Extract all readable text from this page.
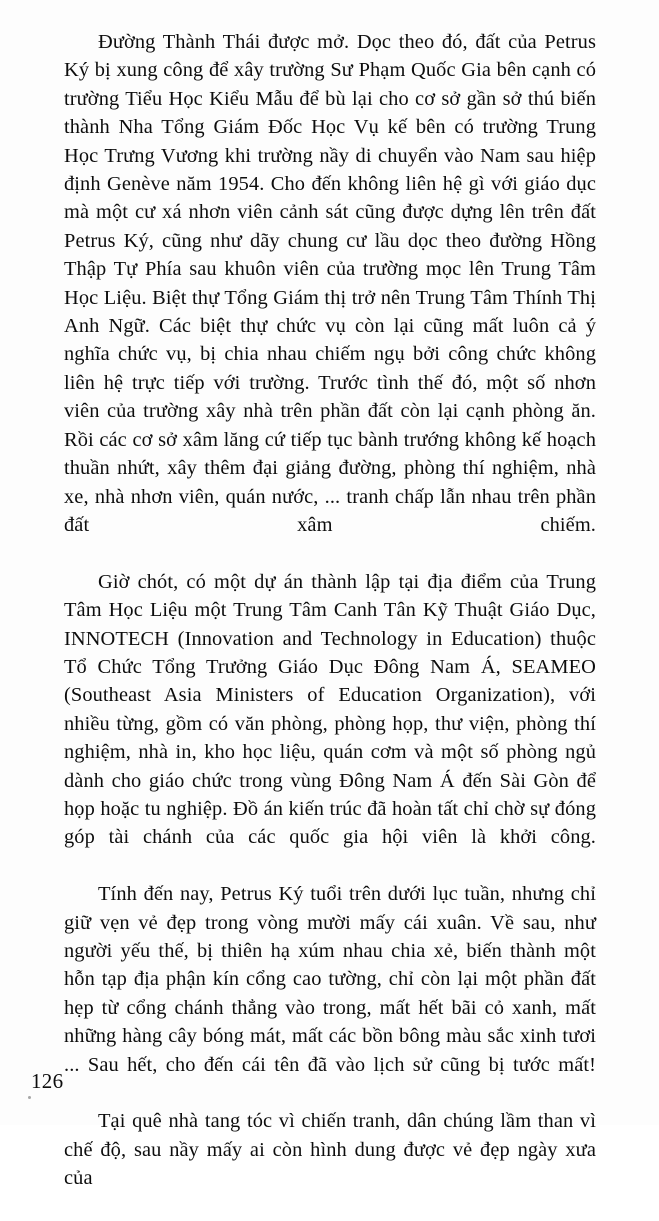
Đường Thành Thái được mở. Dọc theo đó, đất của Petrus Ký bị xung công để xây trường Sư Phạm Quốc Gia bên cạnh có trường Tiểu Học Kiểu Mẫu để bù lại cho cơ sở gần sở thú biến thành Nha Tổng Giám Đốc Học Vụ kế bên có trường Trung Học Trưng Vương khi trường nầy di chuyển vào Nam sau hiệp định Genève năm 1954. Cho đến không liên hệ gì với giáo dục mà một cư xá nhơn viên cảnh sát cũng được dựng lên trên đất Petrus Ký, cũng như dãy chung cư lầu dọc theo đường Hồng Thập Tự Phía sau khuôn viên của trường mọc lên Trung Tâm Học Liệu. Biệt thự Tổng Giám thị trở nên Trung Tâm Thính Thị Anh Ngữ. Các biệt thự chức vụ còn lại cũng mất luôn cả ý nghĩa chức vụ, bị chia nhau chiếm ngụ bởi công chức không liên hệ trực tiếp với trường. Trước tình thế đó, một số nhơn viên của trường xây nhà trên phần đất còn lại cạnh phòng ăn. Rồi các cơ sở xâm lăng cứ tiếp tục bành trướng không kế hoạch thuần nhứt, xây thêm đại giảng đường, phòng thí nghiệm, nhà xe, nhà nhơn viên, quán nước, ... tranh chấp lẫn nhau trên phần đất xâm chiếm.

Giờ chót, có một dự án thành lập tại địa điểm của Trung Tâm Học Liệu một Trung Tâm Canh Tân Kỹ Thuật Giáo Dục, INNOTECH (Innovation and Technology in Education) thuộc Tổ Chức Tổng Trưởng Giáo Dục Đông Nam Á, SEAMEO (Southeast Asia Ministers of Education Organization), với nhiều từng, gồm có văn phòng, phòng họp, thư viện, phòng thí nghiệm, nhà in, kho học liệu, quán cơm và một số phòng ngủ dành cho giáo chức trong vùng Đông Nam Á đến Sài Gòn để họp hoặc tu nghiệp. Đồ án kiến trúc đã hoàn tất chỉ chờ sự đóng góp tài chánh của các quốc gia hội viên là khởi công.

Tính đến nay, Petrus Ký tuổi trên dưới lục tuần, nhưng chỉ giữ vẹn vẻ đẹp trong vòng mười mấy cái xuân. Về sau, như người yếu thế, bị thiên hạ xúm nhau chia xẻ, biến thành một hỗn tạp địa phận kín cổng cao tường, chỉ còn lại một phần đất hẹp từ cổng chánh thẳng vào trong, mất hết bãi cỏ xanh, mất những hàng cây bóng mát, mất các bồn bông màu sắc xinh tươi ... Sau hết, cho đến cái tên đã vào lịch sử cũng bị tước mất!

Tại quê nhà tang tóc vì chiến tranh, dân chúng lầm than vì chế độ, sau nầy mấy ai còn hình dung được vẻ đẹp ngày xưa của

126
